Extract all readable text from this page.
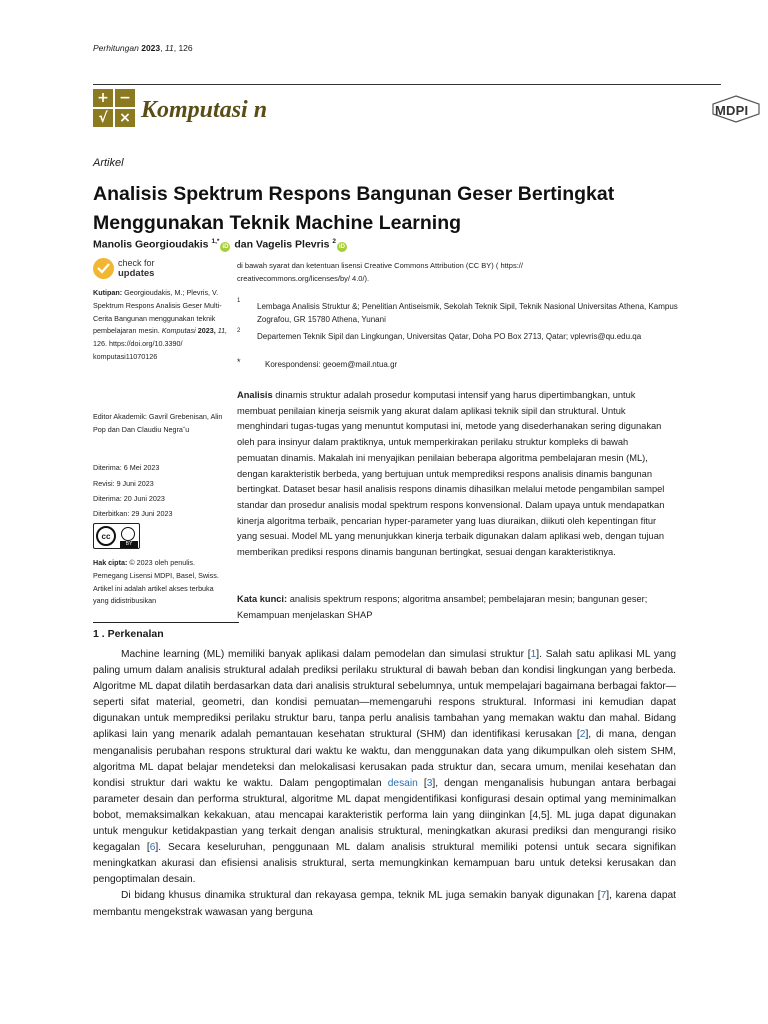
Perhitungan 2023, 11, 126
+ −
√ × Komputasi n	MDPI
Artikel
Analisis Spektrum Respons Bangunan Geser Bertingkat Menggunakan Teknik Machine Learning
Manolis Georgioudakis $^{1,*}$iD dan Vagelis Plevris $^2$iD
check for
updates
Kutipan: Georgioudakis, M.; Plevris, V. Spektrum Respons Analisis Geser Multi-Cerita Bangunan menggunakan teknik pembelajaran mesin. Komputasi 2023, 11, 126. https://doi.org/10.3390/ komputasi11070126
Editor Akademik: Gavril Grebenisan, Alin Pop dan Dan Claudiu Negra˘u
Diterima: 6 Mei 2023
Revisi: 9 Juni 2023
Diterima: 20 Juni 2023
Diterbitkan: 29 Juni 2023
cc
BY
Hak cipta: © 2023 oleh penulis. Pemegang Lisensi MDPI, Basel, Swiss. Artikel ini adalah artikel akses terbuka yang didistribusikan
di bawah syarat dan ketentuan lisensi Creative Commons Attribution (CC BY) ( https:// creativecommons.org/licenses/by/ 4.0/).
1
Lembaga Analisis Struktur &; Penelitian Antiseismik, Sekolah Teknik Sipil, Teknik Nasional Universitas Athena, Kampus Zografou, GR 15780 Athena, Yunani
2
Departemen Teknik Sipil dan Lingkungan, Universitas Qatar, Doha PO Box 2713, Qatar; vplevris@qu.edu.qa
*	Korespondensi: geoem@mail.ntua.gr
Analisis dinamis struktur adalah prosedur komputasi intensif yang harus dipertimbangkan, untuk membuat penilaian kinerja seismik yang akurat dalam aplikasi teknik sipil dan struktural. Untuk menghindari tugas-tugas yang menuntut komputasi ini, metode yang disederhanakan sering digunakan oleh para insinyur dalam praktiknya, untuk memperkirakan perilaku struktur kompleks di bawah pemuatan dinamis. Makalah ini menyajikan penilaian beberapa algoritma pembelajaran mesin (ML), dengan karakteristik berbeda, yang bertujuan untuk memprediksi respons analisis dinamis bangunan bertingkat. Dataset besar hasil analisis respons dinamis dihasilkan melalui metode pengambilan sampel standar dan prosedur analisis modal spektrum respons konvensional. Dalam upaya untuk mendapatkan kinerja algoritma terbaik, pencarian hyper-parameter yang luas diuraikan, diikuti oleh kepentingan fitur yang sesuai. Model ML yang menunjukkan kinerja terbaik digunakan dalam aplikasi web, dengan tujuan memberikan prediksi respons dinamis bangunan bertingkat, sesuai dengan karakteristiknya.
Kata kunci: analisis spektrum respons; algoritma ansambel; pembelajaran mesin; bangunan geser; Kemampuan menjelaskan SHAP
1 . Perkenalan

Machine learning (ML) memiliki banyak aplikasi dalam pemodelan dan simulasi struktur [1]. Salah satu aplikasi ML yang paling umum dalam analisis struktural adalah prediksi perilaku struktural di bawah beban dan kondisi lingkungan yang berbeda. Algoritme ML dapat dilatih berdasarkan data dari analisis struktural sebelumnya, untuk mempelajari bagaimana berbagai faktor—seperti sifat material, geometri, dan kondisi pemuatan—memengaruhi respons struktural. Informasi ini kemudian dapat digunakan untuk memprediksi perilaku struktur baru, tanpa perlu analisis tambahan yang memakan waktu dan mahal. Bidang aplikasi lain yang menarik adalah pemantauan kesehatan struktural (SHM) dan identifikasi kerusakan [2], di mana, dengan menganalisis perubahan respons struktural dari waktu ke waktu, dan menggunakan data yang dikumpulkan oleh sistem SHM, algoritma ML dapat belajar mendeteksi dan melokalisasi kerusakan pada struktur dan, secara umum, menilai kesehatan dan kondisi struktur dari waktu ke waktu. Dalam pengoptimalan desain [3], dengan menganalisis hubungan antara berbagai parameter desain dan performa struktural, algoritme ML dapat mengidentifikasi konfigurasi desain optimal yang meminimalkan bobot, memaksimalkan kekakuan, atau mencapai karakteristik performa lain yang diinginkan [4,5]. ML juga dapat digunakan untuk mengukur ketidakpastian yang terkait dengan analisis struktural, meningkatkan akurasi prediksi dan mengurangi risiko kegagalan [6]. Secara keseluruhan, penggunaan ML dalam analisis struktural memiliki potensi untuk secara signifikan meningkatkan akurasi dan efisiensi analisis struktural, serta memungkinkan kemampuan baru untuk deteksi kerusakan dan pengoptimalan desain.

Di bidang khusus dinamika struktural dan rekayasa gempa, teknik ML juga semakin banyak digunakan [7], karena dapat membantu mengekstrak wawasan yang berguna
